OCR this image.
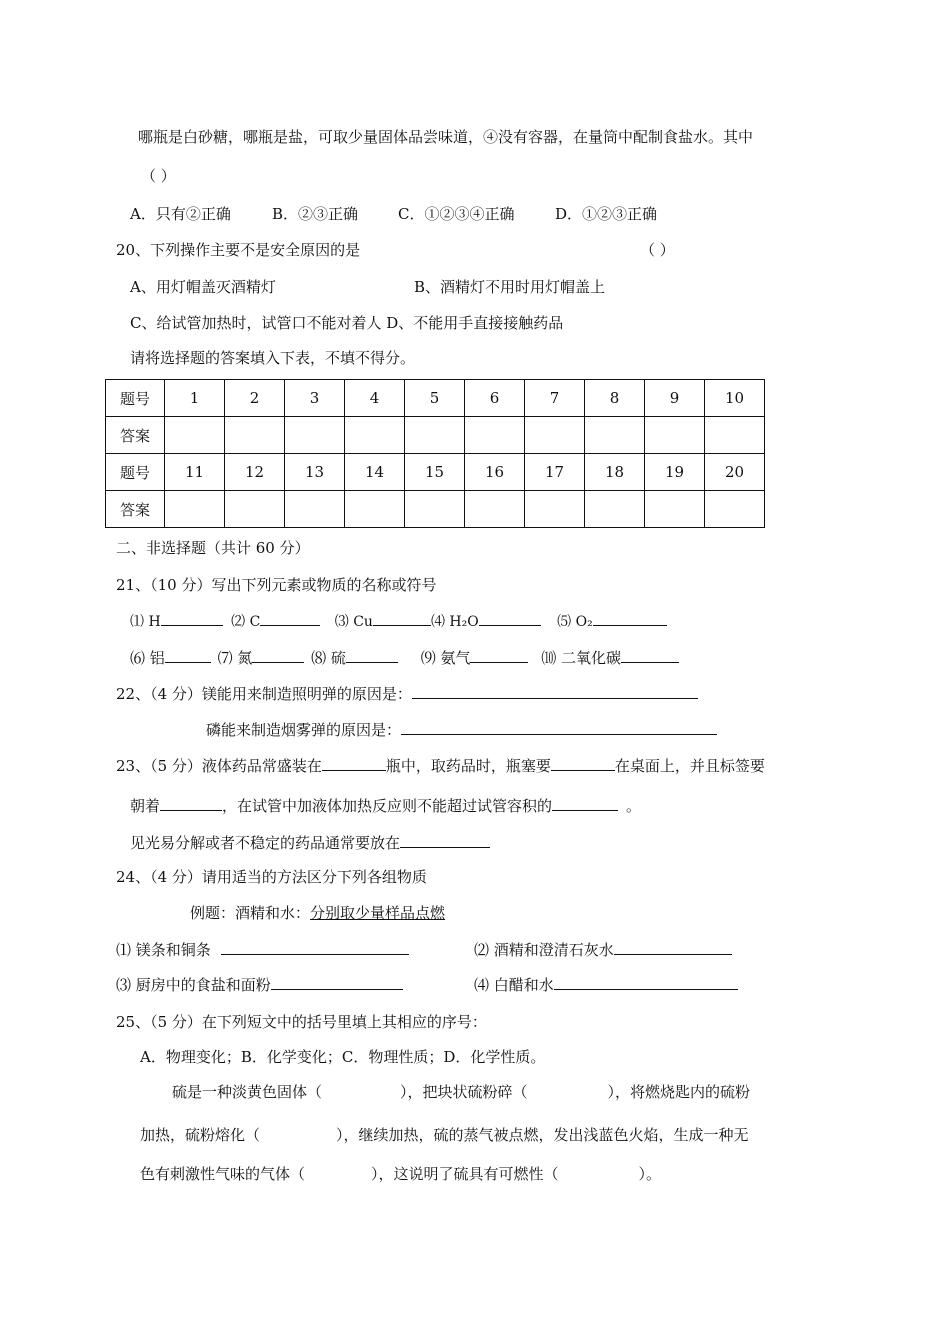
哪瓶是白砂糖，哪瓶是盐，可取少量固体品尝味道，④没有容器，在量筒中配制食盐水。其中
（ ）
A．只有②正确	B．②③正确	C．①②③④正确	D．①②③正确
20、下列操作主要不是安全原因的是	（ ）
A、用灯帽盖灭酒精灯	B、酒精灯不用时用灯帽盖上
C、给试管加热时，试管口不能对着人 D、不能用手直接接触药品
请将选择题的答案填入下表，不填不得分。
题号	1	2	3	4	5	6	7	8	9	10
答案										
题号	11	12	13	14	15	16	17	18	19	20
答案										
二、非选择题（共计 60 分）
21、（10 分）写出下列元素或物质的名称或符号
⑴ H	⑵ C	⑶ Cu	⑷ H₂O	⑸ O₂
⑹ 铝	⑺ 氮	⑻ 硫	⑼ 氨气	⑽ 二氧化碳
22、（4 分）镁能用来制造照明弹的原因是：
磷能来制造烟雾弹的原因是：
23、（5 分）液体药品常盛装在	瓶中，取药品时，瓶塞要	在桌面上，并且标签要
朝着	，在试管中加液体加热反应则不能超过试管容积的	。
见光易分解或者不稳定的药品通常要放在
24、（4 分）请用适当的方法区分下列各组物质
例题：酒精和水：分别取少量样品点燃
⑴ 镁条和铜条	⑵ 酒精和澄清石灰水
⑶ 厨房中的食盐和面粉	⑷ 白醋和水
25、（5 分）在下列短文中的括号里填上其相应的序号：
A．物理变化；B．化学变化；C．物理性质；D．化学性质。
硫是一种淡黄色固体（	），把块状硫粉碎（	），将燃烧匙内的硫粉
加热，硫粉熔化（	），继续加热，硫的蒸气被点燃，发出浅蓝色火焰，生成一种无
色有刺激性气味的气体（	），这说明了硫具有可燃性（	）。
